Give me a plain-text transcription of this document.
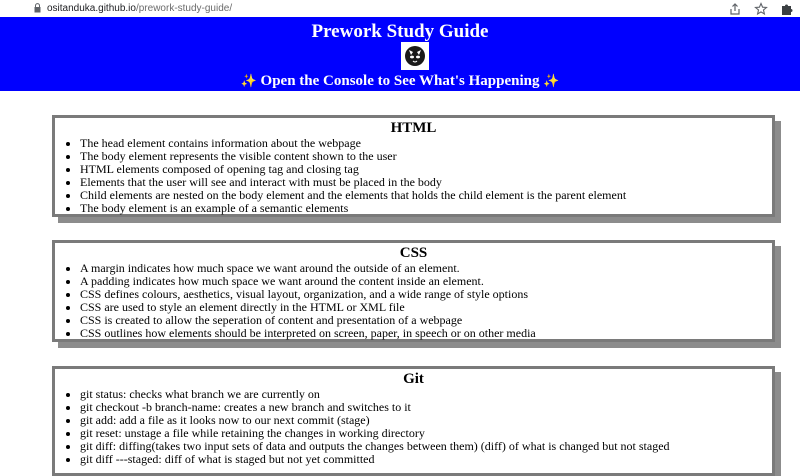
ositanduka.github.io/prework-study-guide/
Prework Study Guide
✨ Open the Console to See What's Happening ✨
HTML
• The head element contains information about the webpage
• The body element represents the visible content shown to the user
• HTML elements composed of opening tag and closing tag
• Elements that the user will see and interact with must be placed in the body
• Child elements are nested on the body element and the elements that holds the child element is the parent element
• The body element is an example of a semantic elements
CSS
• A margin indicates how much space we want around the outside of an element.
• A padding indicates how much space we want around the content inside an element.
• CSS defines colours, aesthetics, visual layout, organization, and a wide range of style options
• CSS are used to style an element directly in the HTML or XML file
• CSS is created to allow the seperation of content and presentation of a webpage
• CSS outlines how elements should be interpreted on screen, paper, in speech or on other media
Git
• git status: checks what branch we are currently on
• git checkout -b branch-name: creates a new branch and switches to it
• git add: add a file as it looks now to our next commit (stage)
• git reset: unstage a file while retaining the changes in working directory
• git diff: diffing(takes two input sets of data and outputs the changes between them) (diff) of what is changed but not staged
• git diff ---staged: diff of what is staged but not yet committed
